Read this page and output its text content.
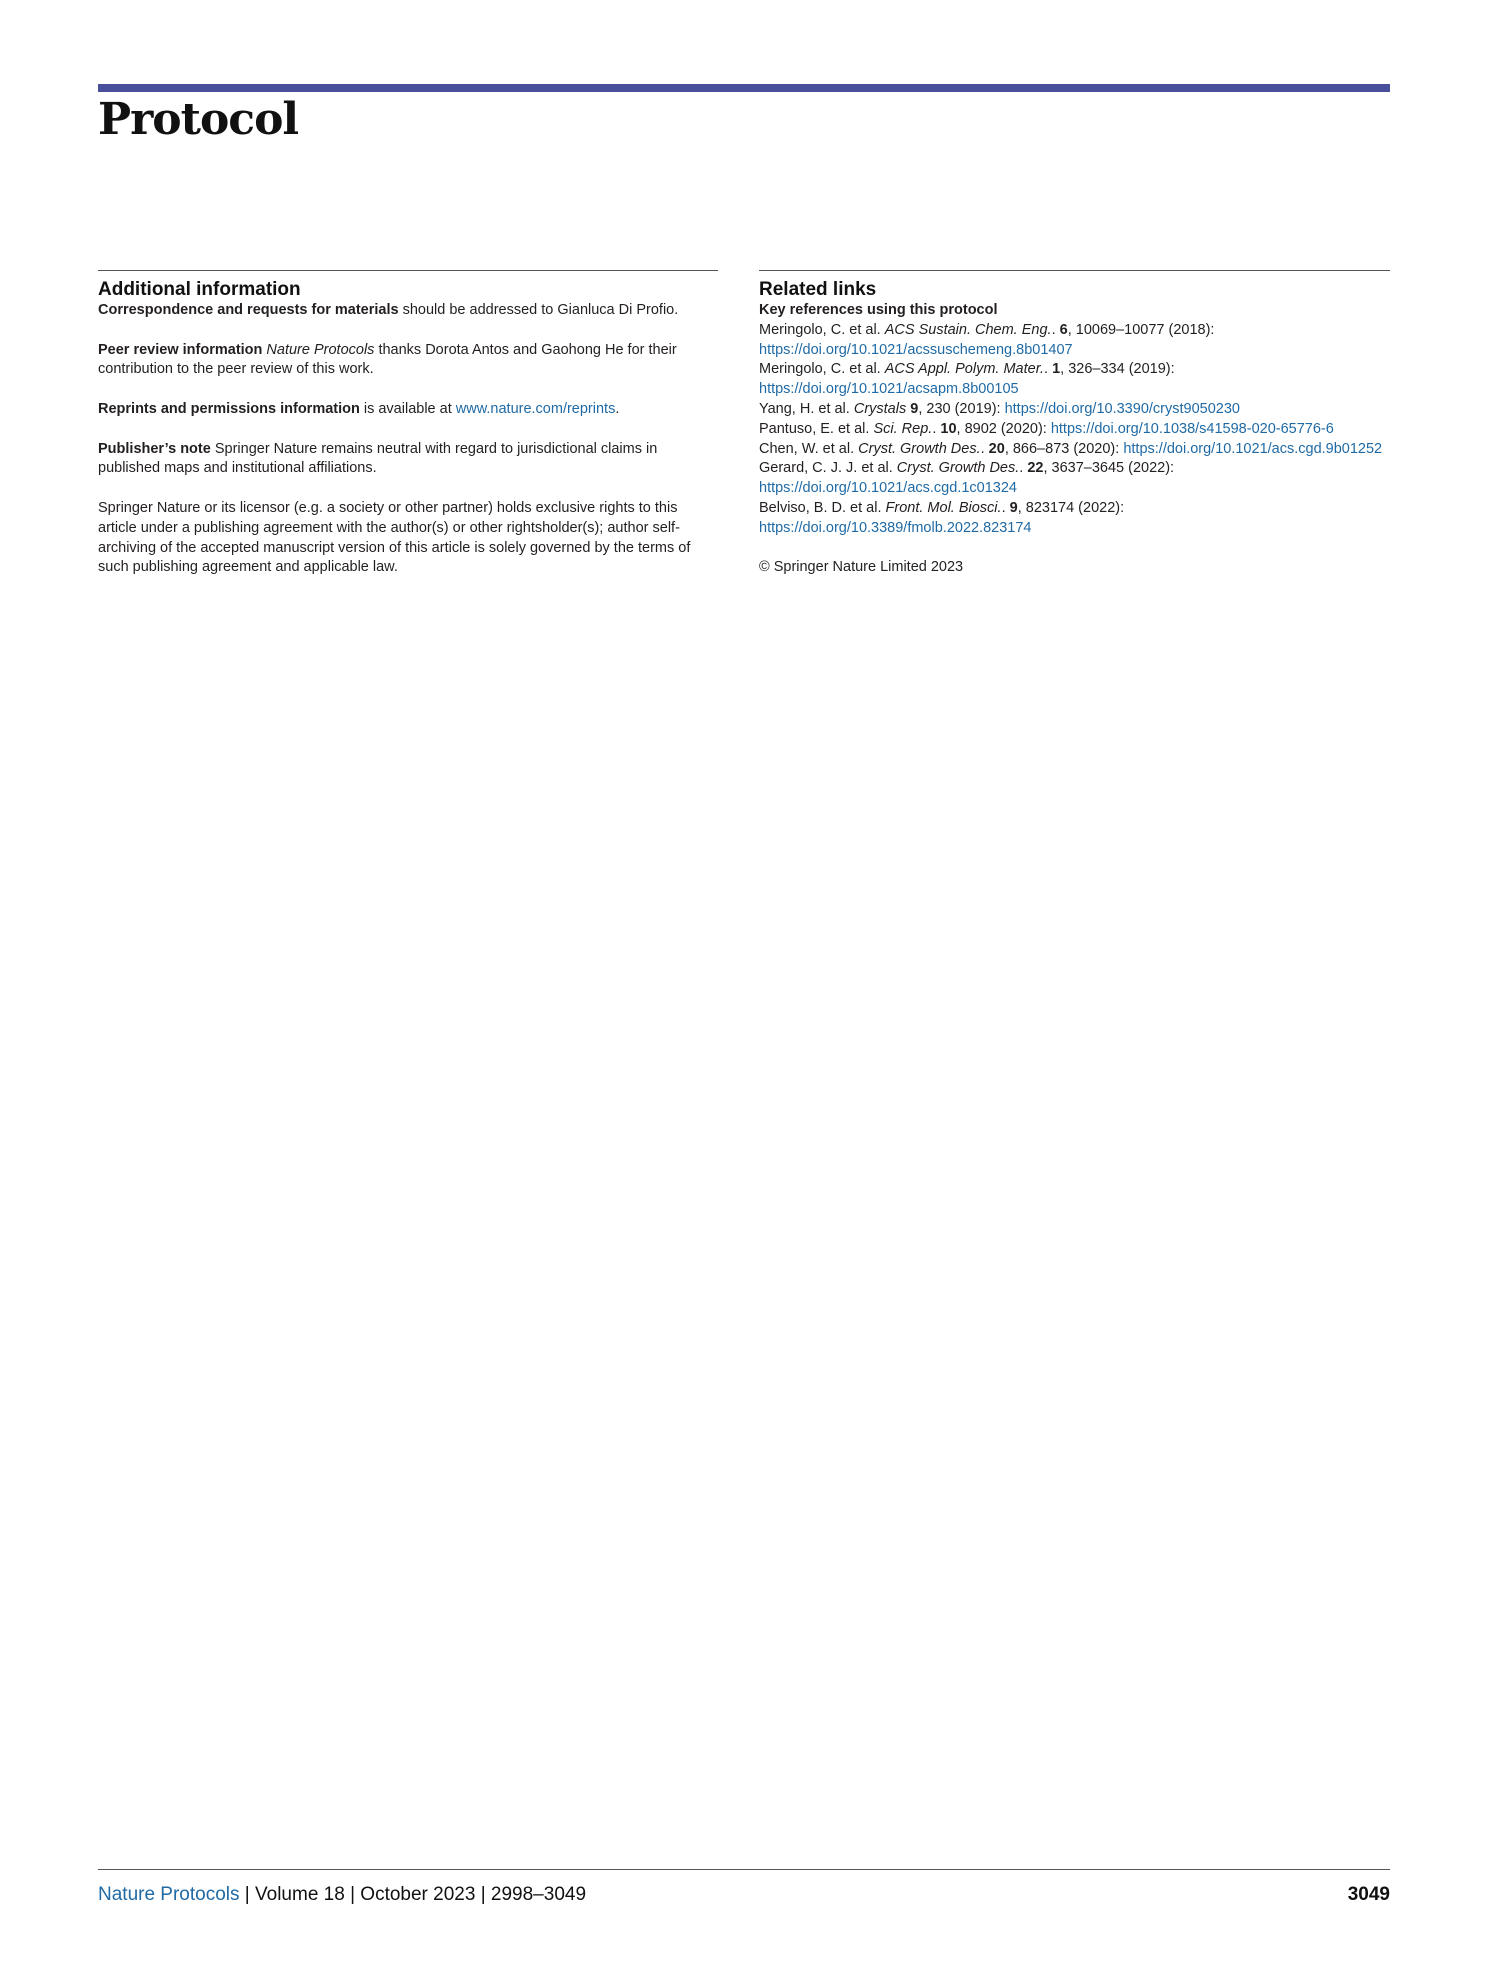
Protocol
Additional information

Correspondence and requests for materials should be addressed to Gianluca Di Profio.

Peer review information Nature Protocols thanks Dorota Antos and Gaohong He for their contribution to the peer review of this work.

Reprints and permissions information is available at www.nature.com/reprints.

Publisher’s note Springer Nature remains neutral with regard to jurisdictional claims in published maps and institutional affiliations.

Springer Nature or its licensor (e.g. a society or other partner) holds exclusive rights to this article under a publishing agreement with the author(s) or other rightsholder(s); author self-archiving of the accepted manuscript version of this article is solely governed by the terms of such publishing agreement and applicable law.

Related links
Key references using this protocol

Meringolo, C. et al. ACS Sustain. Chem. Eng.. 6, 10069–10077 (2018): https://doi.org/10.1021/acssuschemeng.8b01407

Meringolo, C. et al. ACS Appl. Polym. Mater.. 1, 326–334 (2019): https://doi.org/10.1021/acsapm.8b00105

Yang, H. et al. Crystals 9, 230 (2019): https://doi.org/10.3390/cryst9050230

Pantuso, E. et al. Sci. Rep.. 10, 8902 (2020): https://doi.org/10.1038/s41598-020-65776-6

Chen, W. et al. Cryst. Growth Des.. 20, 866–873 (2020): https://doi.org/10.1021/acs.cgd.9b01252

Gerard, C. J. J. et al. Cryst. Growth Des.. 22, 3637–3645 (2022): https://doi.org/10.1021/acs.cgd.1c01324

Belviso, B. D. et al. Front. Mol. Biosci.. 9, 823174 (2022): https://doi.org/10.3389/fmolb.2022.823174

© Springer Nature Limited 2023

Nature Protocols | Volume 18 | October 2023 | 2998–3049	3049
